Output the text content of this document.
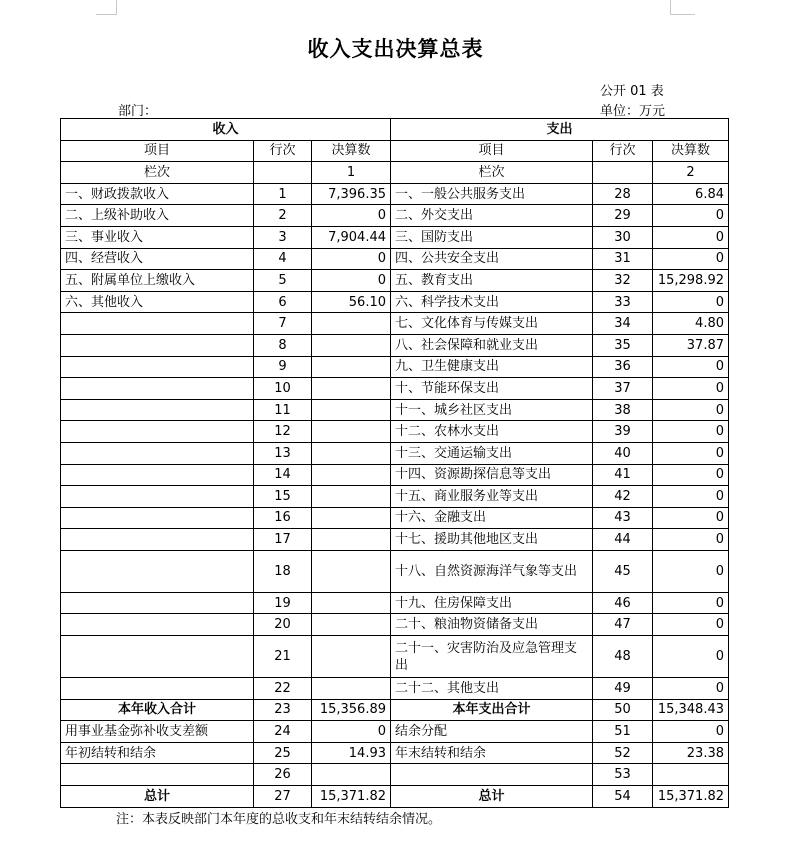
收入支出决算总表
公开 01 表
部门：	单位：万元
收入			支出		
项目	行次	决算数	项目	行次	决算数
栏次		1	栏次		2
一、财政拨款收入	1	7,396.35	一、一般公共服务支出	28	6.84
二、上级补助收入	2	0	二、外交支出	29	0
三、事业收入	3	7,904.44	三、国防支出	30	0
四、经营收入	4	0	四、公共安全支出	31	0
五、附属单位上缴收入	5	0	五、教育支出	32	15,298.92
六、其他收入	6	56.10	六、科学技术支出	33	0
	7		七、文化体育与传媒支出	34	4.80
	8		八、社会保障和就业支出	35	37.87
	9		九、卫生健康支出	36	0
	10		十、节能环保支出	37	0
	11		十一、城乡社区支出	38	0
	12		十二、农林水支出	39	0
	13		十三、交通运输支出	40	0
	14		十四、资源勘探信息等支出	41	0
	15		十五、商业服务业等支出	42	0
	16		十六、金融支出	43	0
	17		十七、援助其他地区支出	44	0
	18		十八、自然资源海洋气象等支出	45	0
	19		十九、住房保障支出	46	0
	20		二十、粮油物资储备支出	47	0
	21		二十一、灾害防治及应急管理支出	48	0
	22		二十二、其他支出	49	0
本年收入合计	23	15,356.89	本年支出合计	50	15,348.43
用事业基金弥补收支差额	24	0	结余分配	51	0
年初结转和结余	25	14.93	年末结转和结余	52	23.38
	26			53	
总计	27	15,371.82	总计	54	15,371.82
注：本表反映部门本年度的总收支和年末结转结余情况。
